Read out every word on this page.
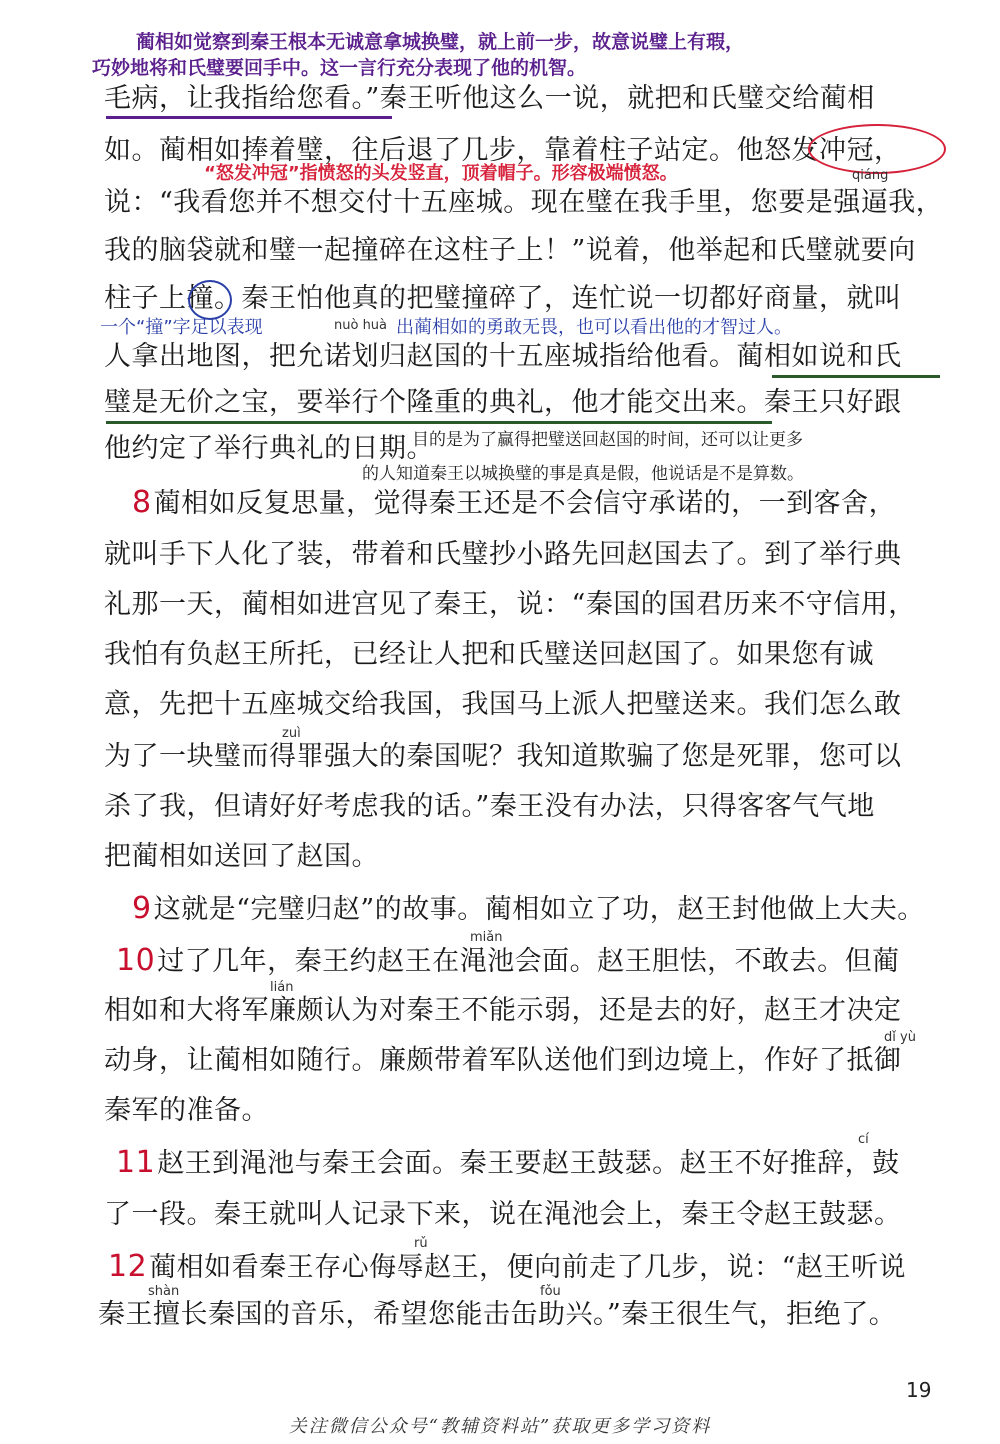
蔺相如觉察到秦王根本无诚意拿城换璧，就上前一步，故意说璧上有瑕，
巧妙地将和氏璧要回手中。这一言行充分表现了他的机智。
毛病，让我指给您看。”秦王听他这么一说，就把和氏璧交给蔺相
如。蔺相如捧着璧，往后退了几步，靠着柱子站定。他怒发冲冠，
“怒发冲冠”指愤怒的头发竖直，顶着帽子。形容极端愤怒。	qiáng
说：“我看您并不想交付十五座城。现在璧在我手里，您要是强逼我，
我的脑袋就和璧一起撞碎在这柱子上！”说着，他举起和氏璧就要向
柱子上撞。秦王怕他真的把璧撞碎了，连忙说一切都好商量，就叫
一个“撞”字足以表现	nuò huà 出蔺相如的勇敢无畏，也可以看出他的才智过人。
人拿出地图，把允诺划归赵国的十五座城指给他看。蔺相如说和氏
璧是无价之宝，要举行个隆重的典礼，他才能交出来。秦王只好跟
他约定了举行典礼的日期。
目的是为了赢得把璧送回赵国的时间，还可以让更多
的人知道秦王以城换璧的事是真是假，他说话是不是算数。
8蔺相如反复思量，觉得秦王还是不会信守承诺的，一到客舍，
就叫手下人化了装，带着和氏璧抄小路先回赵国去了。到了举行典
礼那一天，蔺相如进宫见了秦王，说：“秦国的国君历来不守信用，
我怕有负赵王所托，已经让人把和氏璧送回赵国了。如果您有诚
意，先把十五座城交给我国，我国马上派人把璧送来。我们怎么敢
zuì
为了一块璧而得罪强大的秦国呢？我知道欺骗了您是死罪，您可以
杀了我，但请好好考虑我的话。”秦王没有办法，只得客客气气地
把蔺相如送回了赵国。
9这就是“完璧归赵”的故事。蔺相如立了功，赵王封他做上大夫。
miǎn
10过了几年，秦王约赵王在渑池会面。赵王胆怯，不敢去。但蔺
lián
相如和大将军廉颇认为对秦王不能示弱，还是去的好，赵王才决定
dǐ yù
动身，让蔺相如随行。廉颇带着军队送他们到边境上，作好了抵御
秦军的准备。
cí
11赵王到渑池与秦王会面。秦王要赵王鼓瑟。赵王不好推辞，鼓
了一段。秦王就叫人记录下来，说在渑池会上，秦王令赵王鼓瑟。
rǔ
12蔺相如看秦王存心侮辱赵王，便向前走了几步，说：“赵王听说
shàn	fǒu
秦王擅长秦国的音乐，希望您能击缶助兴。”秦王很生气，拒绝了。
19
关注微信公众号“教辅资料站”获取更多学习资料
